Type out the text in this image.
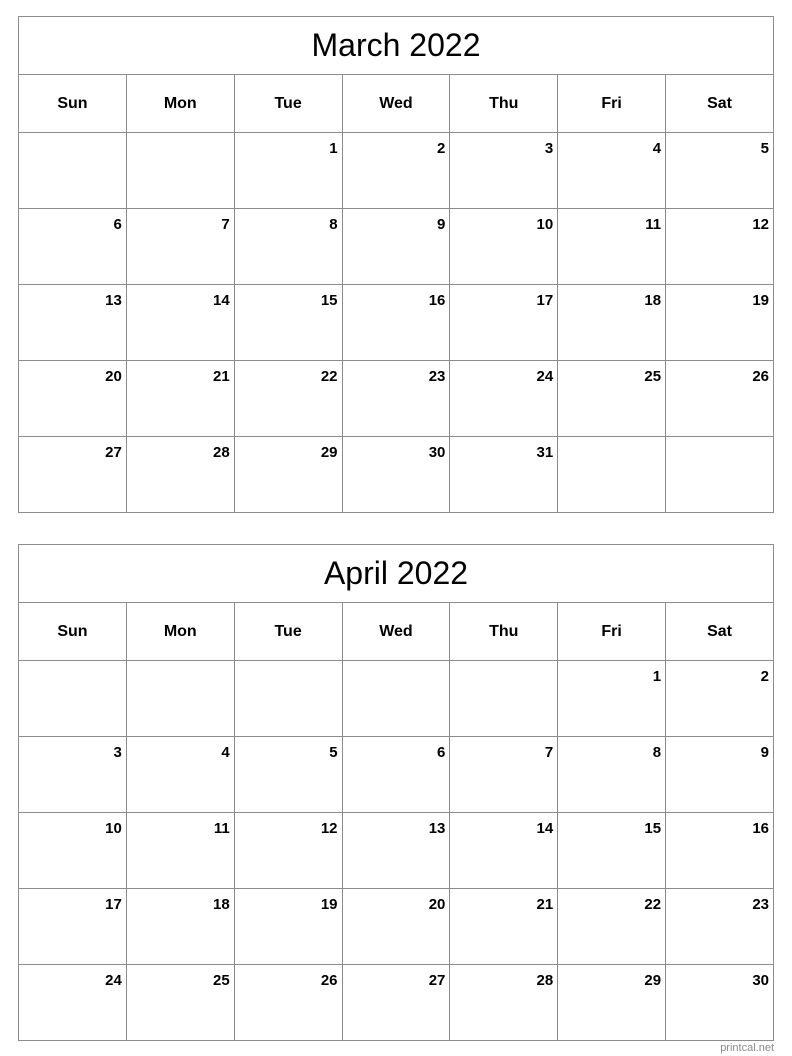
March 2022						
Sun	Mon	Tue	Wed	Thu	Fri	Sat

		1	2	3	4	5

6	7	8	9	10	11	12

13	14	15	16	17	18	19

20	21	22	23	24	25	26

27	28	29	30	31		

April 2022						
Sun	Mon	Tue	Wed	Thu	Fri	Sat

					1	2

3	4	5	6	7	8	9

10	11	12	13	14	15	16

17	18	19	20	21	22	23

24	25	26	27	28	29	30
printcal.net
